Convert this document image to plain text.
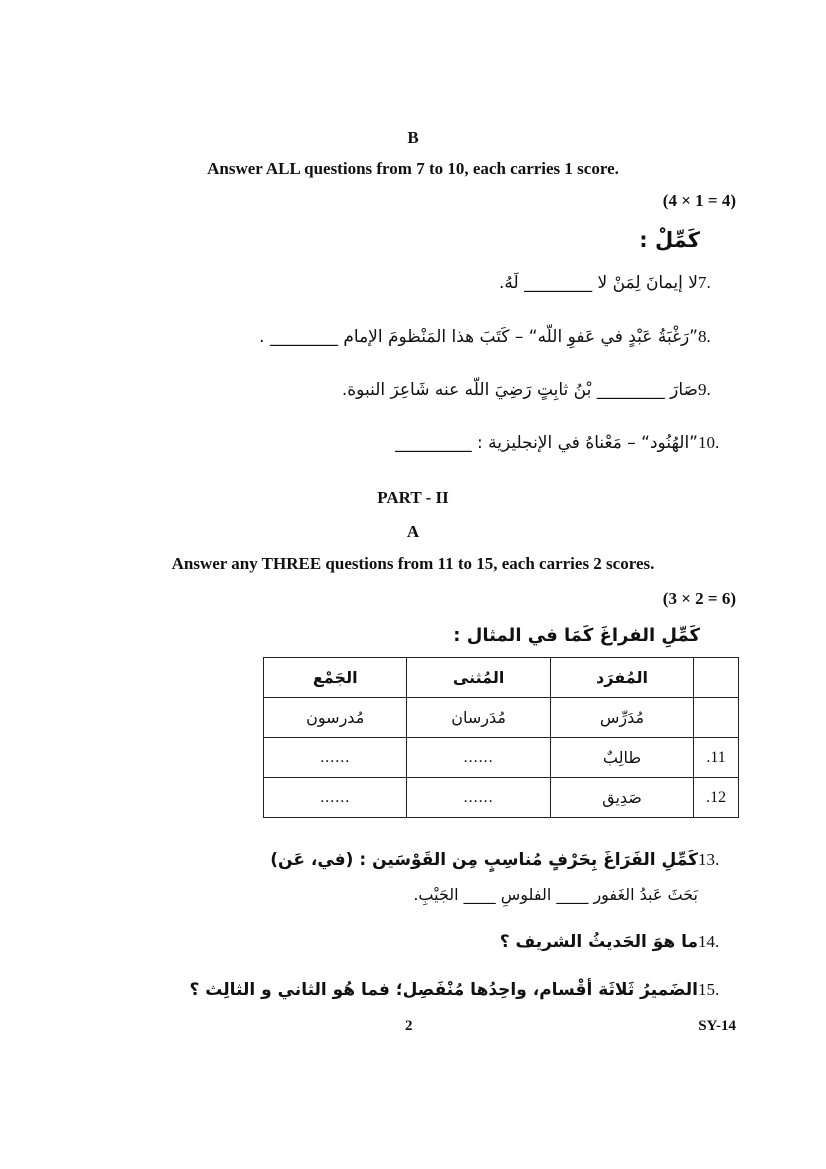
B
Answer ALL questions from 7 to 10, each carries 1 score.
(4 × 1 = 4)
كَمِّلْ :
7.
لا إيمانَ لِمَنْ لا ________ لَهُ.
8.
”رَغْبَةُ عَبْدٍ في عَفوِ اللّه“ – كَتَبَ هذا المَنْظومَ الإمام ________ .
9.
صَارَ ________ بْنُ ثابِتٍ رَضِيَ اللّه عنه شَاعِرَ النبوة.
10.
”الهُنُود“ – مَعْناهُ في الإنجليزية : _________
PART - II
A
Answer any THREE questions from 11 to 15, each carries 2 scores.
(3 × 2 = 6)
كَمِّلِ الفراغَ كَمَا في المثال :
	المُفرَد	المُثنى	الجَمْع
	مُدَرِّس	مُدَرسان	مُدرسون
.11	طالِبٌ	......	......
.12	صَدِيق	......	......
13.
كَمِّلِ الفَرَاغَ بِحَرْفٍ مُناسِبٍ مِن القَوْسَين : (في، عَن)
بَحَثَ عَبدُ الغَفور ____ الفلوسِ ____ الجَيْبِ.
14.
ما هوَ الحَديثُ الشريف ؟
15.
الضَميرُ ثَلاثَة أقْسام، واحِدُها مُنْفَصِل؛ فما هُو الثاني و الثالِث ؟
2	SY-14
